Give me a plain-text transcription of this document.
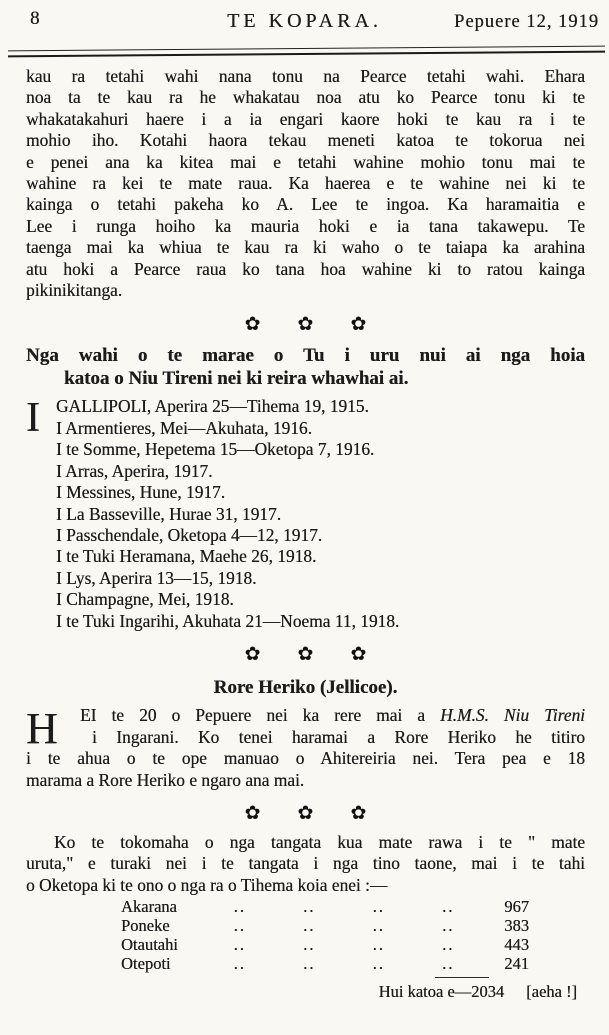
8	TE KOPARA.	Pepuere 12, 1919
kau ra tetahi wahi nana tonu na Pearce tetahi wahi. Ehara
noa ta te kau ra he whakatau noa atu ko Pearce tonu ki te
whakatakahuri haere i a ia engari kaore hoki te kau ra i te
mohio iho. Kotahi haora tekau meneti katoa te tokorua nei
e penei ana ka kitea mai e tetahi wahine mohio tonu mai te
wahine ra kei te mate raua. Ka haerea e te wahine nei ki te
kainga o tetahi pakeha ko A. Lee te ingoa. Ka haramaitia e
Lee i runga hoiho ka mauria hoki e ia tana takawepu. Te
taenga mai ka whiua te kau ra ki waho o te taiapa ka arahina
atu hoki a Pearce raua ko tana hoa wahine ki to ratou kainga
pikinikitanga.
✿ ✿ ✿
Nga wahi o te marae o Tu i uru nui ai nga hoia
katoa o Niu Tireni nei ki reira whawhai ai.
I GALLIPOLI, Aperira 25—Tihema 19, 1915.
I Armentieres, Mei—Akuhata, 1916.
I te Somme, Hepetema 15—Oketopa 7, 1916.
I Arras, Aperira, 1917.
I Messines, Hune, 1917.
I La Basseville, Hurae 31, 1917.
I Passchendale, Oketopa 4—12, 1917.
I te Tuki Heramana, Maehe 26, 1918.
I Lys, Aperira 13—15, 1918.
I Champagne, Mei, 1918.
I te Tuki Ingarihi, Akuhata 21—Noema 11, 1918.
✿ ✿ ✿
Rore Heriko (Jellicoe).
H	EI te 20 o Pepuere nei ka rere mai a H.M.S. Niu Tireni
i Ingarani. Ko tenei haramai a Rore Heriko he titiro
i te ahua o te ope manuao o Ahitereiria nei. Tera pea e 18
marama a Rore Heriko e ngaro ana mai.
✿ ✿ ✿
Ko te tokomaha o nga tangata kua mate rawa i te " mate
uruta," e turaki nei i te tangata i nga tino taone, mai i te tahi
o Oketopa ki te ono o nga ra o Tihema koia enei :—
Akarana	..	..	..	..	967
Poneke	..	..	..	..	383
Otautahi	..	..	..	..	443
Otepoti	..	..	..	..	241
Hui katoa e—2034 [aeha !]
